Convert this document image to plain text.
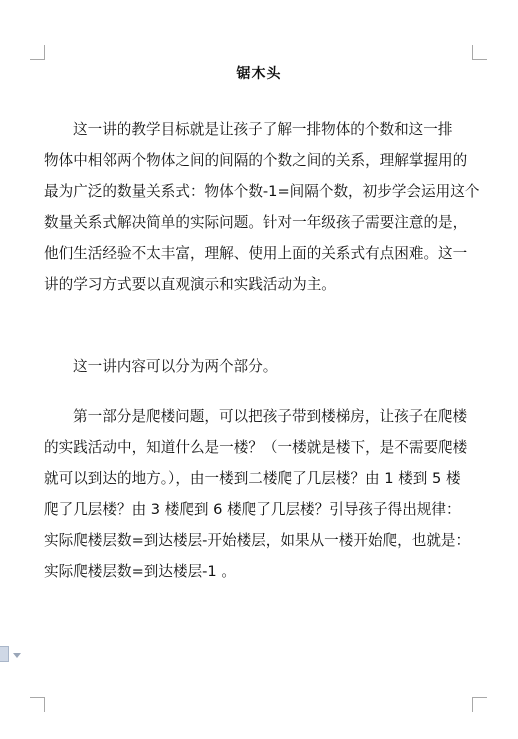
锯木头
这一讲的教学目标就是让孩子了解一排物体的个数和这一排
物体中相邻两个物体之间的间隔的个数之间的关系，理解掌握用的
最为广泛的数量关系式：物体个数-1=间隔个数，初步学会运用这个
数量关系式解决简单的实际问题。针对一年级孩子需要注意的是，
他们生活经验不太丰富，理解、使用上面的关系式有点困难。这一
讲的学习方式要以直观演示和实践活动为主。
这一讲内容可以分为两个部分。
第一部分是爬楼问题，可以把孩子带到楼梯房，让孩子在爬楼
的实践活动中，知道什么是一楼？（一楼就是楼下，是不需要爬楼
就可以到达的地方。），由一楼到二楼爬了几层楼？由 1 楼到 5 楼
爬了几层楼？由 3 楼爬到 6 楼爬了几层楼？引导孩子得出规律：
实际爬楼层数=到达楼层-开始楼层，如果从一楼开始爬，也就是：
实际爬楼层数=到达楼层-1 。
